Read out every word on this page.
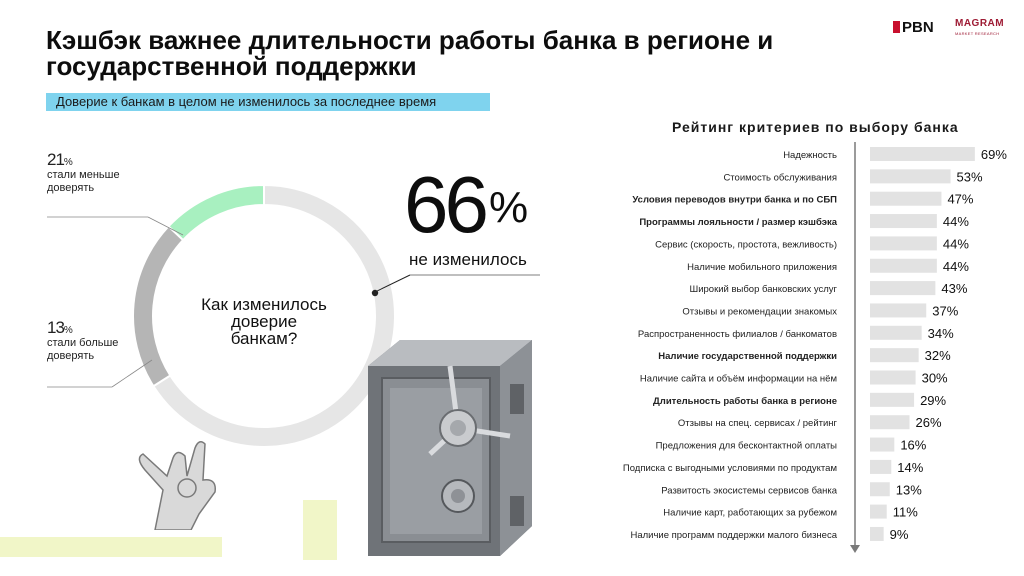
Кэшбэк важнее длительности работы банка в регионе и государственной поддержки
Доверие к банкам в целом не изменилось за последнее время
PBN MAGRAM
MARKET RESEARCH
66%
не изменилось
21%
стали меньше доверять
13%
стали больше доверять
Как изменилось доверие банкам?
Рейтинг критериев по выбору банка
Надежность	69%
Стоимость обслуживания	53%
Условия переводов внутри банка и по СБП	47%
Программы лояльности / размер кэшбэка	44%
Сервис (скорость, простота, вежливость)	44%
Наличие мобильного приложения	44%
Широкий выбор банковских услуг	43%
Отзывы и рекомендации знакомых	37%
Распространенность филиалов / банкоматов	34%
Наличие государственной поддержки	32%
Наличие сайта и объём информации на нём	30%
Длительность работы банка в регионе	29%
Отзывы на спец. сервисах / рейтинг	26%
Предложения для бесконтактной оплаты	16%
Подписка с выгодными условиями по продуктам	14%
Развитость экосистемы сервисов банка	13%
Наличие карт, работающих за рубежом	11%
Наличие программ поддержки малого бизнеса	9%
